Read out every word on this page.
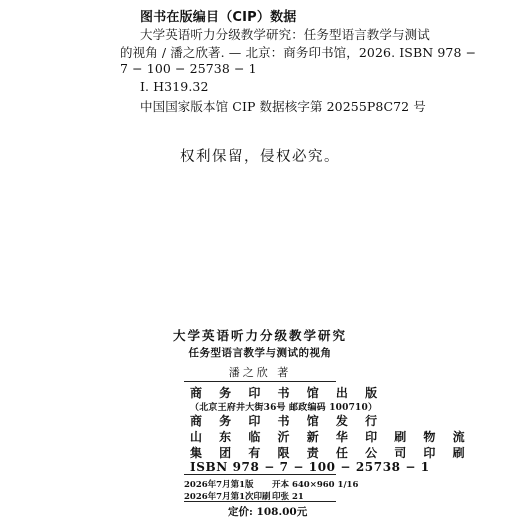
图书在版编目（CIP）数据
大学英语听力分级教学研究：任务型语言教学与测试
的视角 / 潘之欣著. — 北京：商务印书馆，2026. ISBN 978 −
7 − 100 − 25738 − 1
Ⅰ. H319.32
中国国家版本馆 CIP 数据核字第 20255P8C72 号
权利保留，侵权必究。
大学英语听力分级教学研究
任务型语言教学与测试的视角
潘之欣 著
商 务 印 书 馆 出 版
（北京王府井大街36号 邮政编码 100710）
商 务 印 书 馆 发 行
山 东 临 沂 新 华 印 刷 物 流
集 团 有 限 责 任 公 司 印 刷
ISBN 978 − 7 − 100 − 25738 − 1
2026年7月第1版 开本 640×960 1/16
2026年7月第1次印刷 印张 21
定价: 108.00元
